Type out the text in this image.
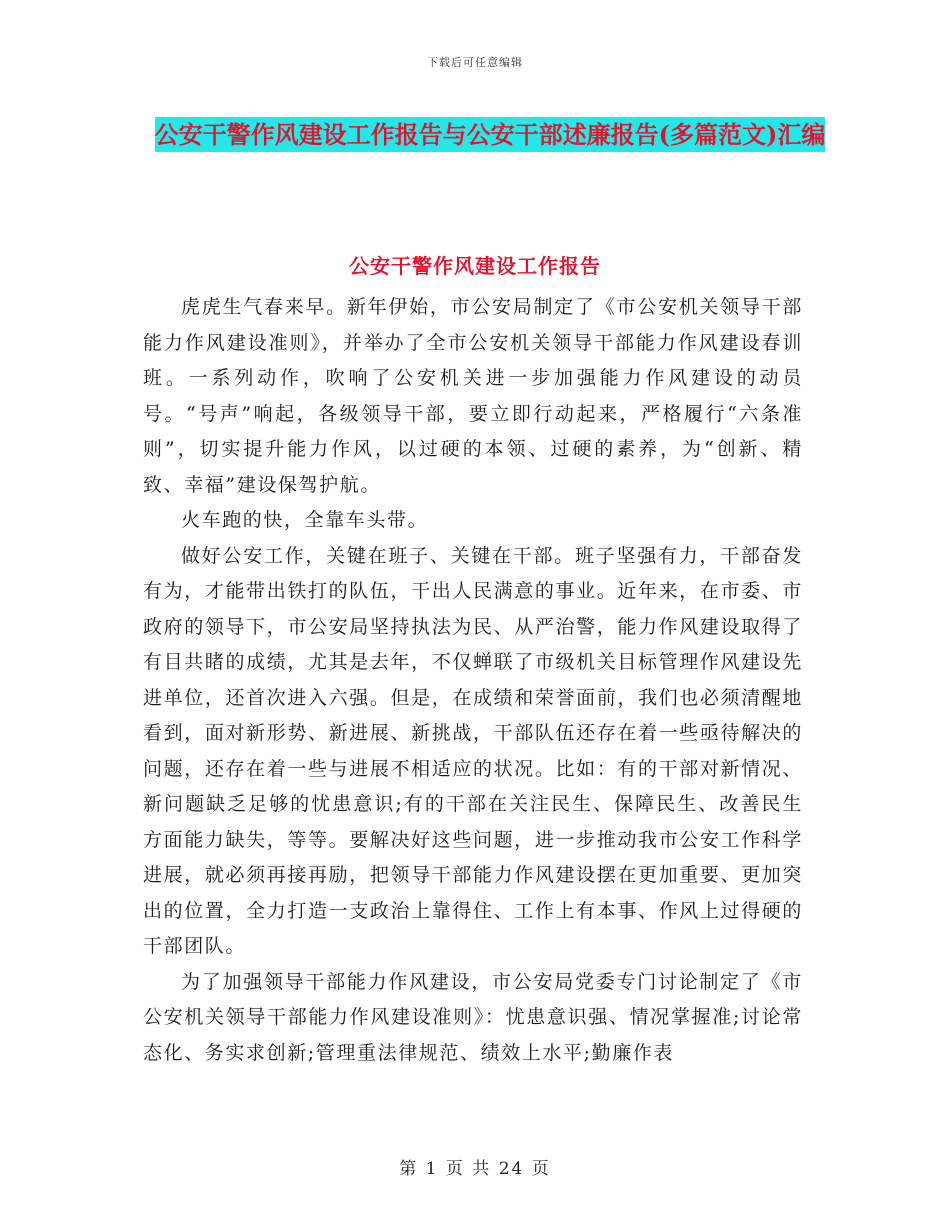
下载后可任意编辑
公安干警作风建设工作报告与公安干部述廉报告(多篇范文)汇编
公安干警作风建设工作报告

虎虎生气春来早。新年伊始，市公安局制定了《市公安机关领导干部能力作风建设准则》，并举办了全市公安机关领导干部能力作风建设春训班。一系列动作，吹响了公安机关进一步加强能力作风建设的动员号。“号声”响起，各级领导干部，要立即行动起来，严格履行“六条准则”，切实提升能力作风，以过硬的本领、过硬的素养，为“创新、精致、幸福”建设保驾护航。

火车跑的快，全靠车头带。

做好公安工作，关键在班子、关键在干部。班子坚强有力，干部奋发有为，才能带出铁打的队伍，干出人民满意的事业。近年来，在市委、市政府的领导下，市公安局坚持执法为民、从严治警，能力作风建设取得了有目共睹的成绩，尤其是去年，不仅蝉联了市级机关目标管理作风建设先进单位，还首次进入六强。但是，在成绩和荣誉面前，我们也必须清醒地看到，面对新形势、新进展、新挑战，干部队伍还存在着一些亟待解决的问题，还存在着一些与进展不相适应的状况。比如：有的干部对新情况、新问题缺乏足够的忧患意识;有的干部在关注民生、保障民生、改善民生方面能力缺失，等等。要解决好这些问题，进一步推动我市公安工作科学进展，就必须再接再励，把领导干部能力作风建设摆在更加重要、更加突出的位置，全力打造一支政治上靠得住、工作上有本事、作风上过得硬的干部团队。

为了加强领导干部能力作风建设，市公安局党委专门讨论制定了《市公安机关领导干部能力作风建设准则》：忧患意识强、情况掌握准;讨论常态化、务实求创新;管理重法律规范、绩效上水平;勤廉作表

第 1 页 共 24 页
